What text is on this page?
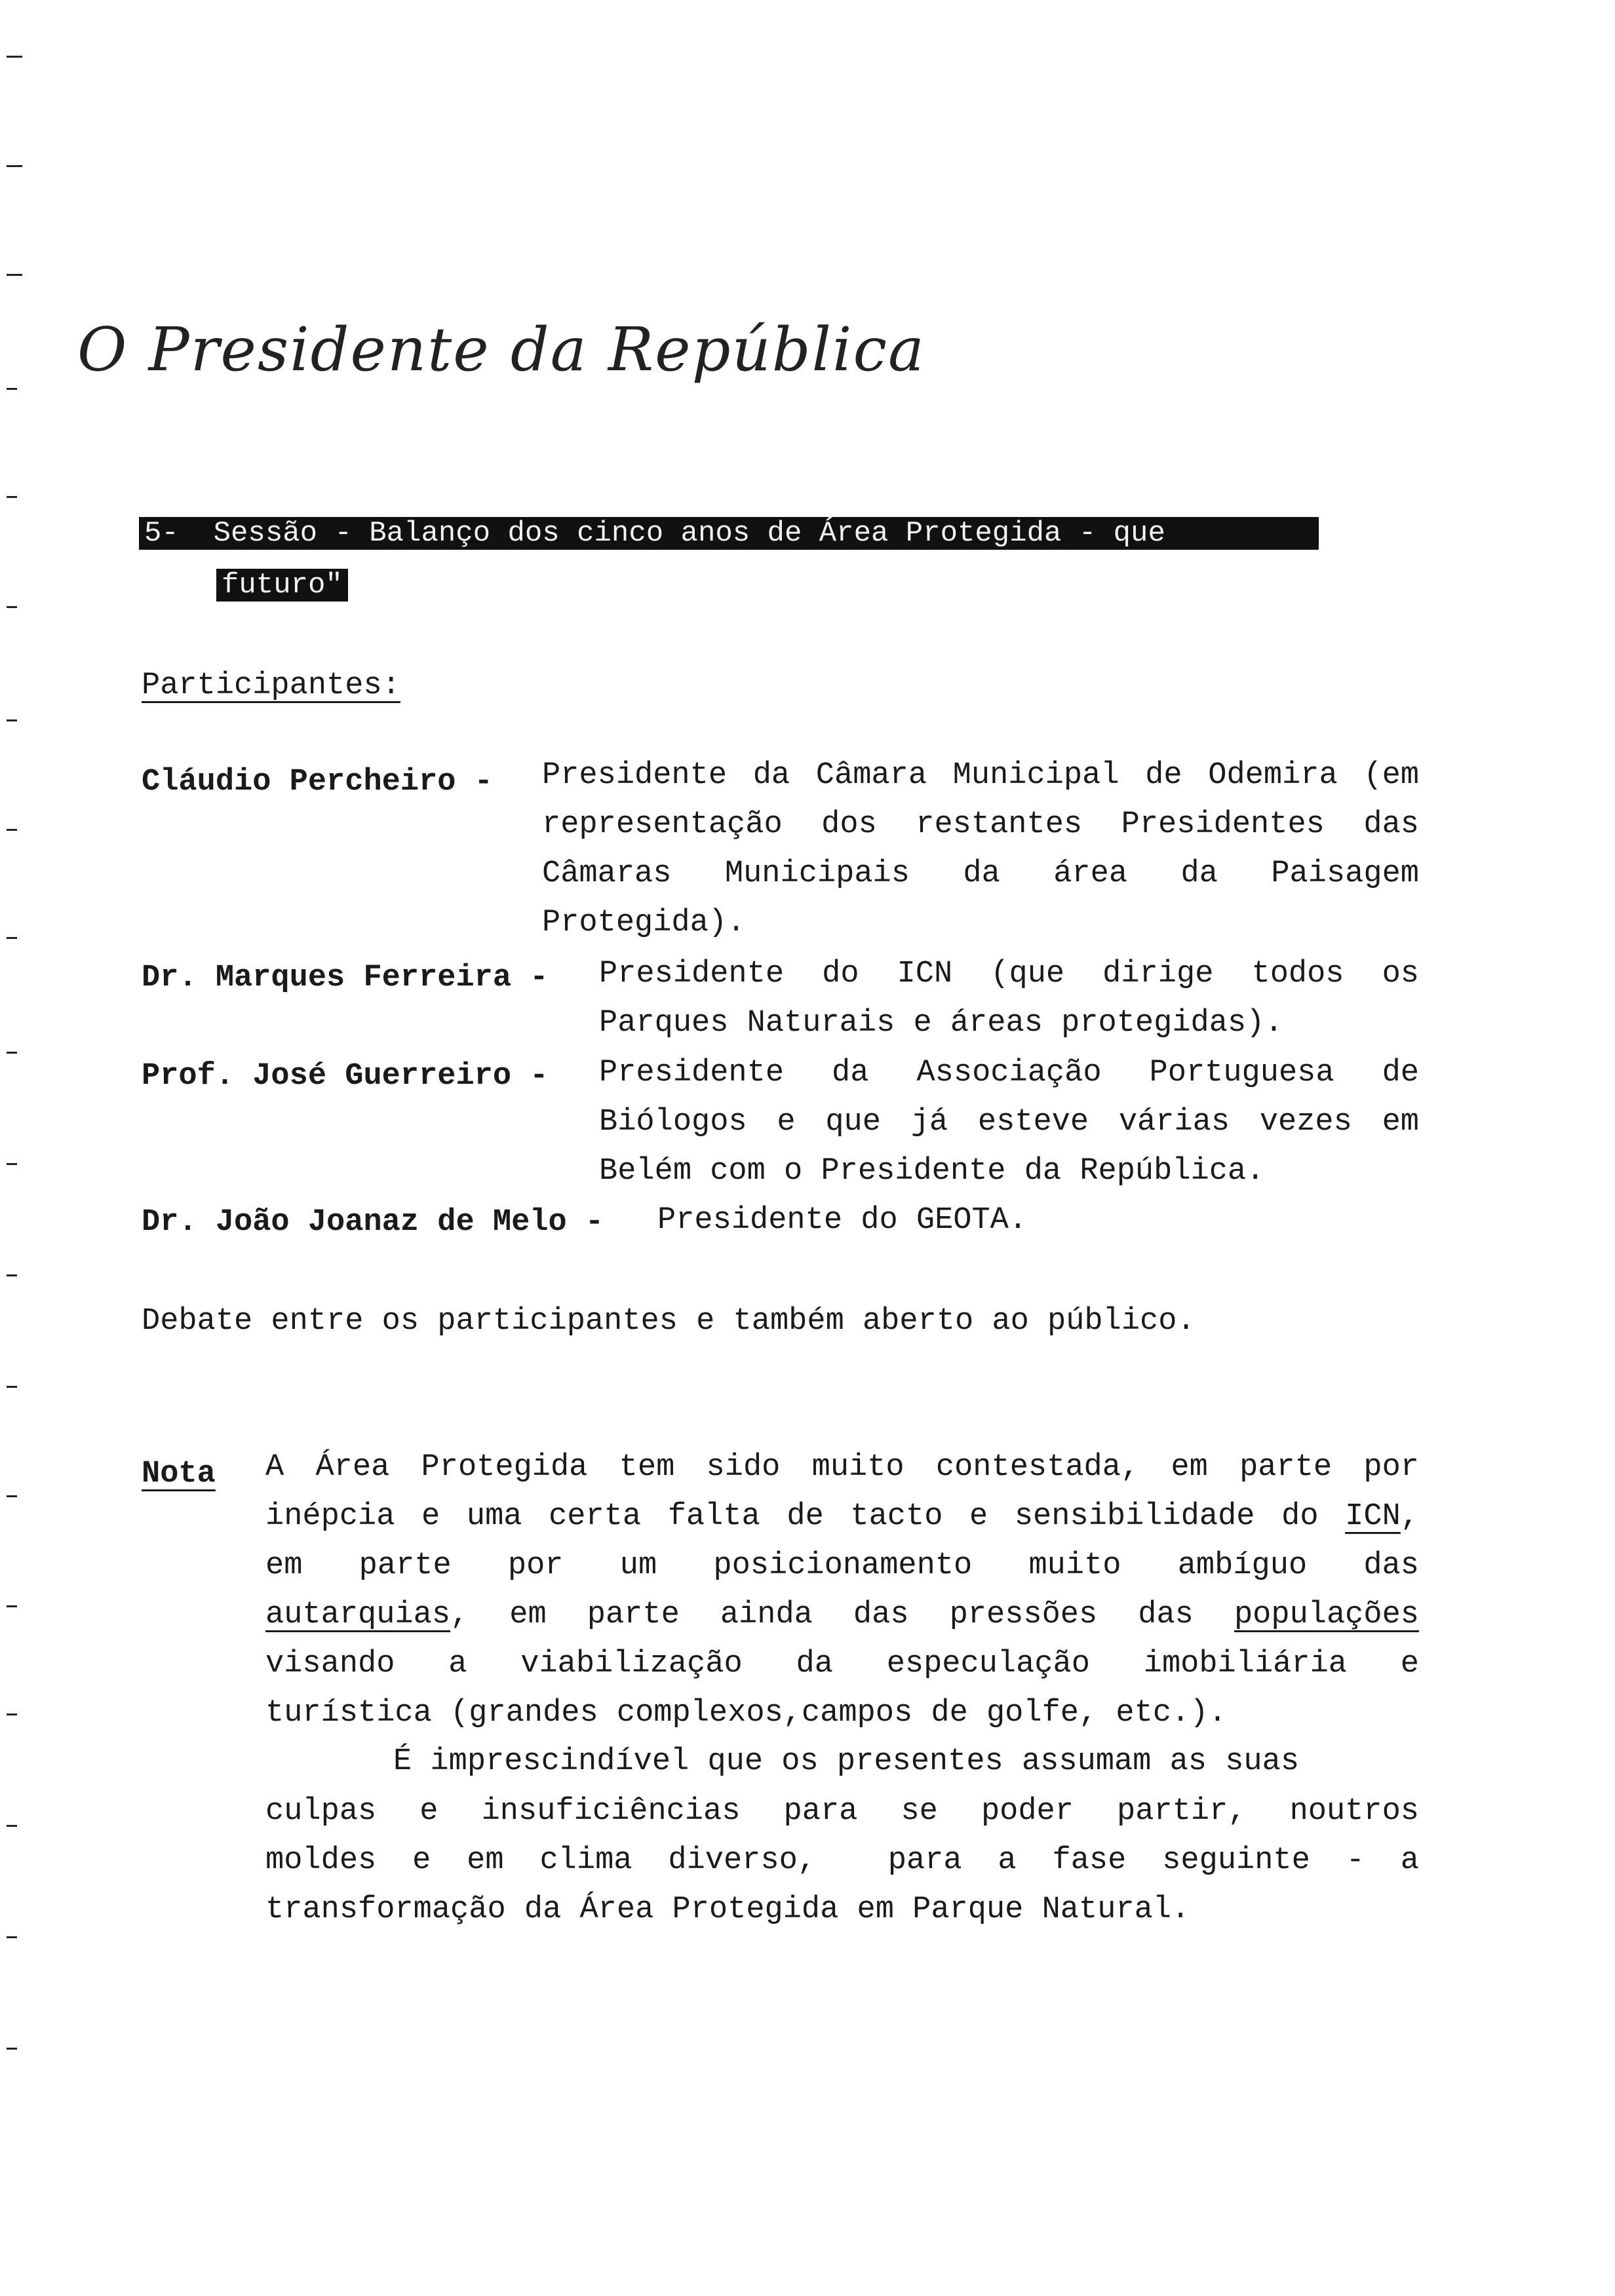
O Presidente da República
5-  Sessão - Balanço dos cinco anos de Área Protegida - que
futuro"
Participantes:
Cláudio Percheiro - Presidente da Câmara Municipal de Odemira (em

representação dos restantes Presidentes das

Câmaras Municipais da área da Paisagem

Protegida).

Dr. Marques Ferreira - Presidente do ICN (que dirige todos os

Parques Naturais e áreas protegidas).

Prof. José Guerreiro - Presidente da Associação Portuguesa de

Biólogos e que já esteve várias vezes em

Belém com o Presidente da República.

Dr. João Joanaz de Melo - Presidente do GEOTA.

Debate entre os participantes e também aberto ao público.
Nota A Área Protegida tem sido muito contestada, em parte por

inépcia e uma certa falta de tacto e sensibilidade do ICN,

em parte por um posicionamento muito ambíguo das

autarquias, em parte ainda das pressões das populações

visando a viabilização da especulação imobiliária e

turística (grandes complexos,campos de golfe, etc.).

É imprescindível que os presentes assumam as suas

culpas e insuficiências para se poder partir, noutros

moldes e em clima diverso,  para a fase seguinte - a

transformação da Área Protegida em Parque Natural.
